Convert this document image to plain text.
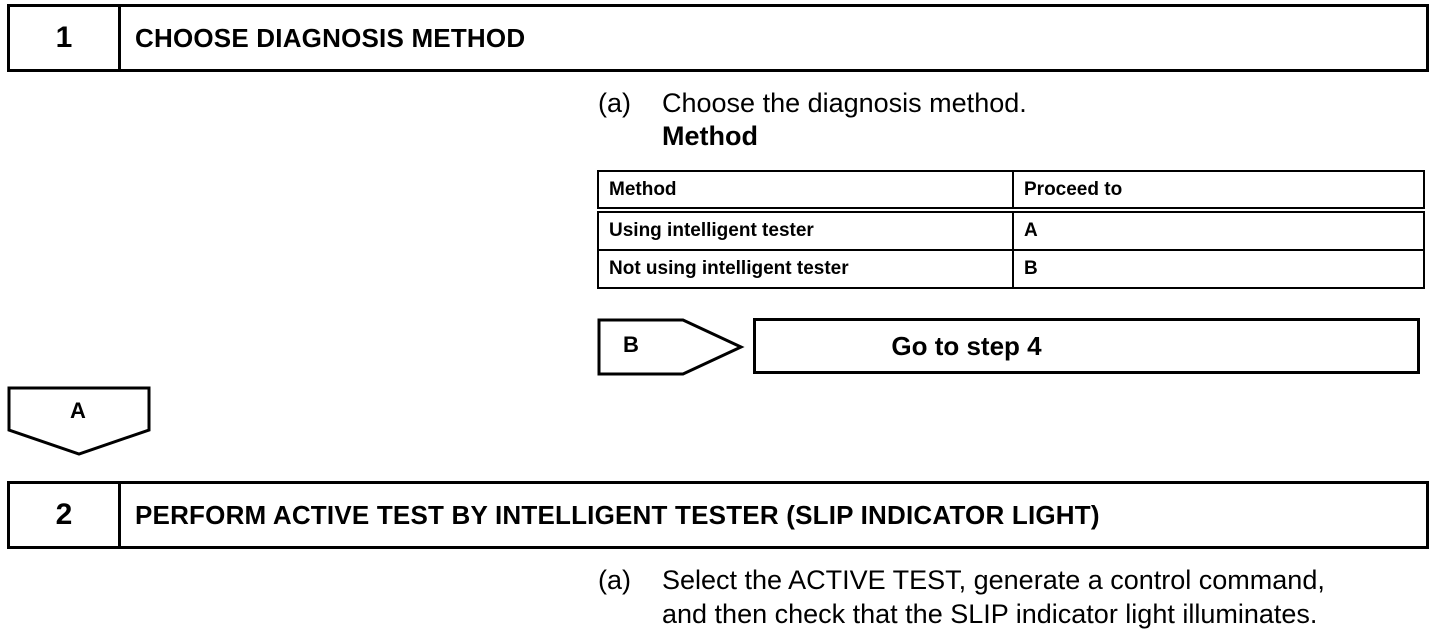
1	CHOOSE DIAGNOSIS METHOD
(a) Choose the diagnosis method.
Method
Method	Proceed to
Using intelligent tester	A
Not using intelligent tester	B
B	Go to step 4
A
2	PERFORM ACTIVE TEST BY INTELLIGENT TESTER (SLIP INDICATOR LIGHT)
(a) Select the ACTIVE TEST, generate a control command,
and then check that the SLIP indicator light illuminates.
